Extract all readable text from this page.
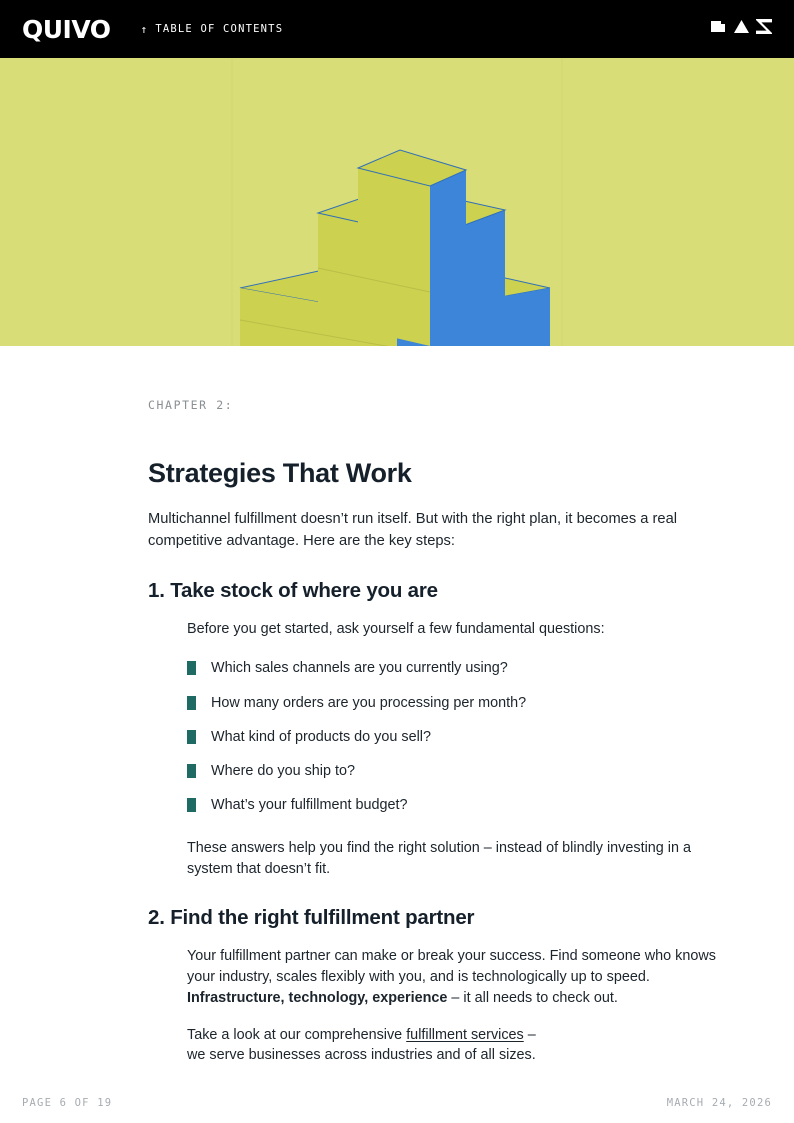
QUIVO	↑ TABLE OF CONTENTS
CHAPTER 2:
Strategies That Work

Multichannel fulfillment doesn’t run itself. But with the right plan, it becomes a real competitive advantage. Here are the key steps:

1. Take stock of where you are

Before you get started, ask yourself a few fundamental questions:

Which sales channels are you currently using?
How many orders are you processing per month?
What kind of products do you sell?
Where do you ship to?
What’s your fulfillment budget?

These answers help you find the right solution – instead of blindly investing in a system that doesn’t fit.

2. Find the right fulfillment partner

Your fulfillment partner can make or break your success. Find someone who knows your industry, scales flexibly with you, and is technologically up to speed. Infrastructure, technology, experience – it all needs to check out.

Take a look at our comprehensive fulfillment services –
we serve businesses across industries and of all sizes.

PAGE 6 OF 19	MARCH 24, 2026
